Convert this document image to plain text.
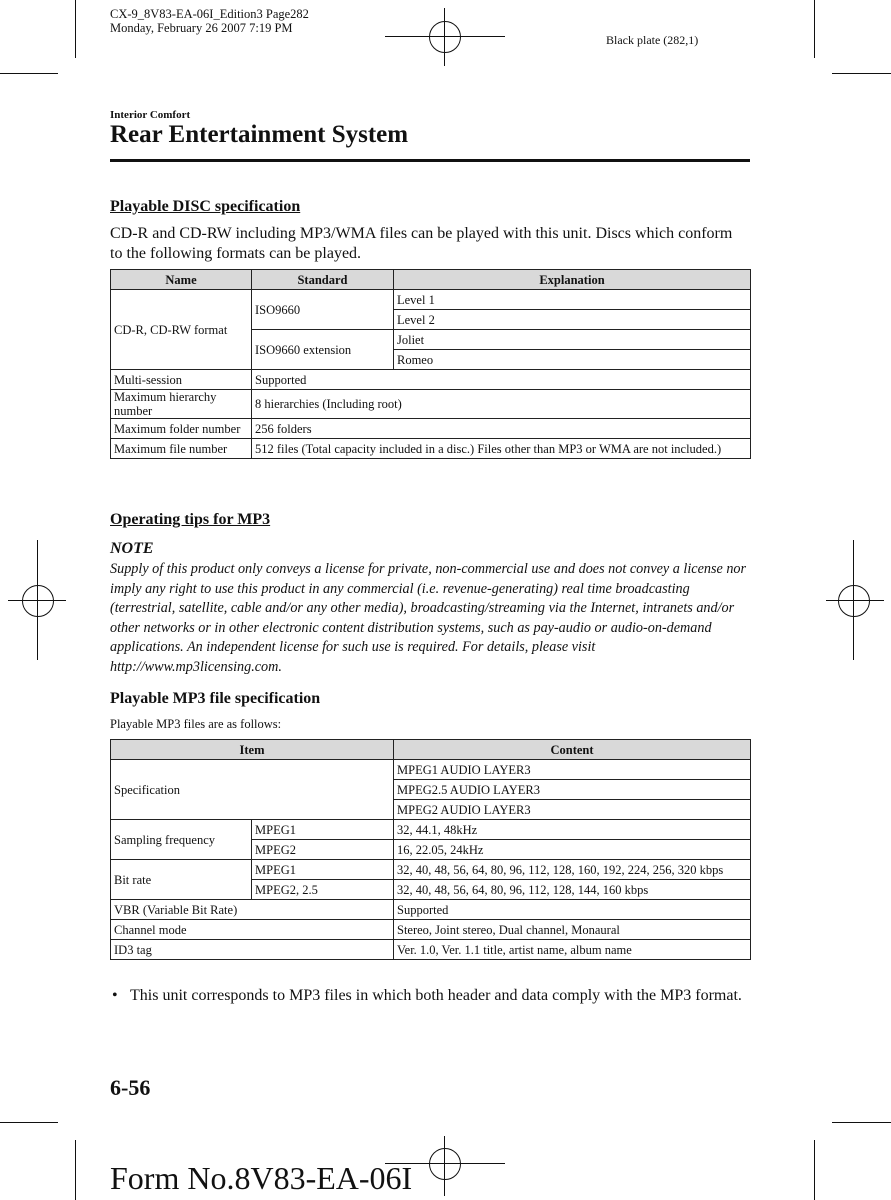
CX-9_8V83-EA-06I_Edition3 Page282
Monday, February 26 2007 7:19 PM
Black plate (282,1)
Interior Comfort
Rear Entertainment System
Playable DISC specification
CD-R and CD-RW including MP3/WMA files can be played with this unit. Discs which conform to the following formats can be played.
Name	Standard	Explanation
CD-R, CD-RW format	ISO9660	Level 1
		Level 2
	ISO9660 extension	Joliet
		Romeo
Multi-session	Supported	
Maximum hierarchy number	8 hierarchies (Including root)	
Maximum folder number	256 folders	
Maximum file number	512 files (Total capacity included in a disc.) Files other than MP3 or WMA are not included.)	
Operating tips for MP3
NOTE
Supply of this product only conveys a license for private, non-commercial use and does not convey a license nor imply any right to use this product in any commercial (i.e. revenue-generating) real time broadcasting (terrestrial, satellite, cable and/or any other media), broadcasting/streaming via the Internet, intranets and/or other networks or in other electronic content distribution systems, such as pay-audio or audio-on-demand applications. An independent license for such use is required. For details, please visit http://www.mp3licensing.com.
Playable MP3 file specification
Playable MP3 files are as follows:
Item		Content
Specification		MPEG1 AUDIO LAYER3
		MPEG2.5 AUDIO LAYER3
		MPEG2 AUDIO LAYER3
Sampling frequency	MPEG1	32, 44.1, 48kHz
	MPEG2	16, 22.05, 24kHz
Bit rate	MPEG1	32, 40, 48, 56, 64, 80, 96, 112, 128, 160, 192, 224, 256, 320 kbps
	MPEG2, 2.5	32, 40, 48, 56, 64, 80, 96, 112, 128, 144, 160 kbps
VBR (Variable Bit Rate)		Supported
Channel mode		Stereo, Joint stereo, Dual channel, Monaural
ID3 tag		Ver. 1.0, Ver. 1.1 title, artist name, album name
• This unit corresponds to MP3 files in which both header and data comply with the MP3 format.
6-56
Form No.8V83-EA-06I
